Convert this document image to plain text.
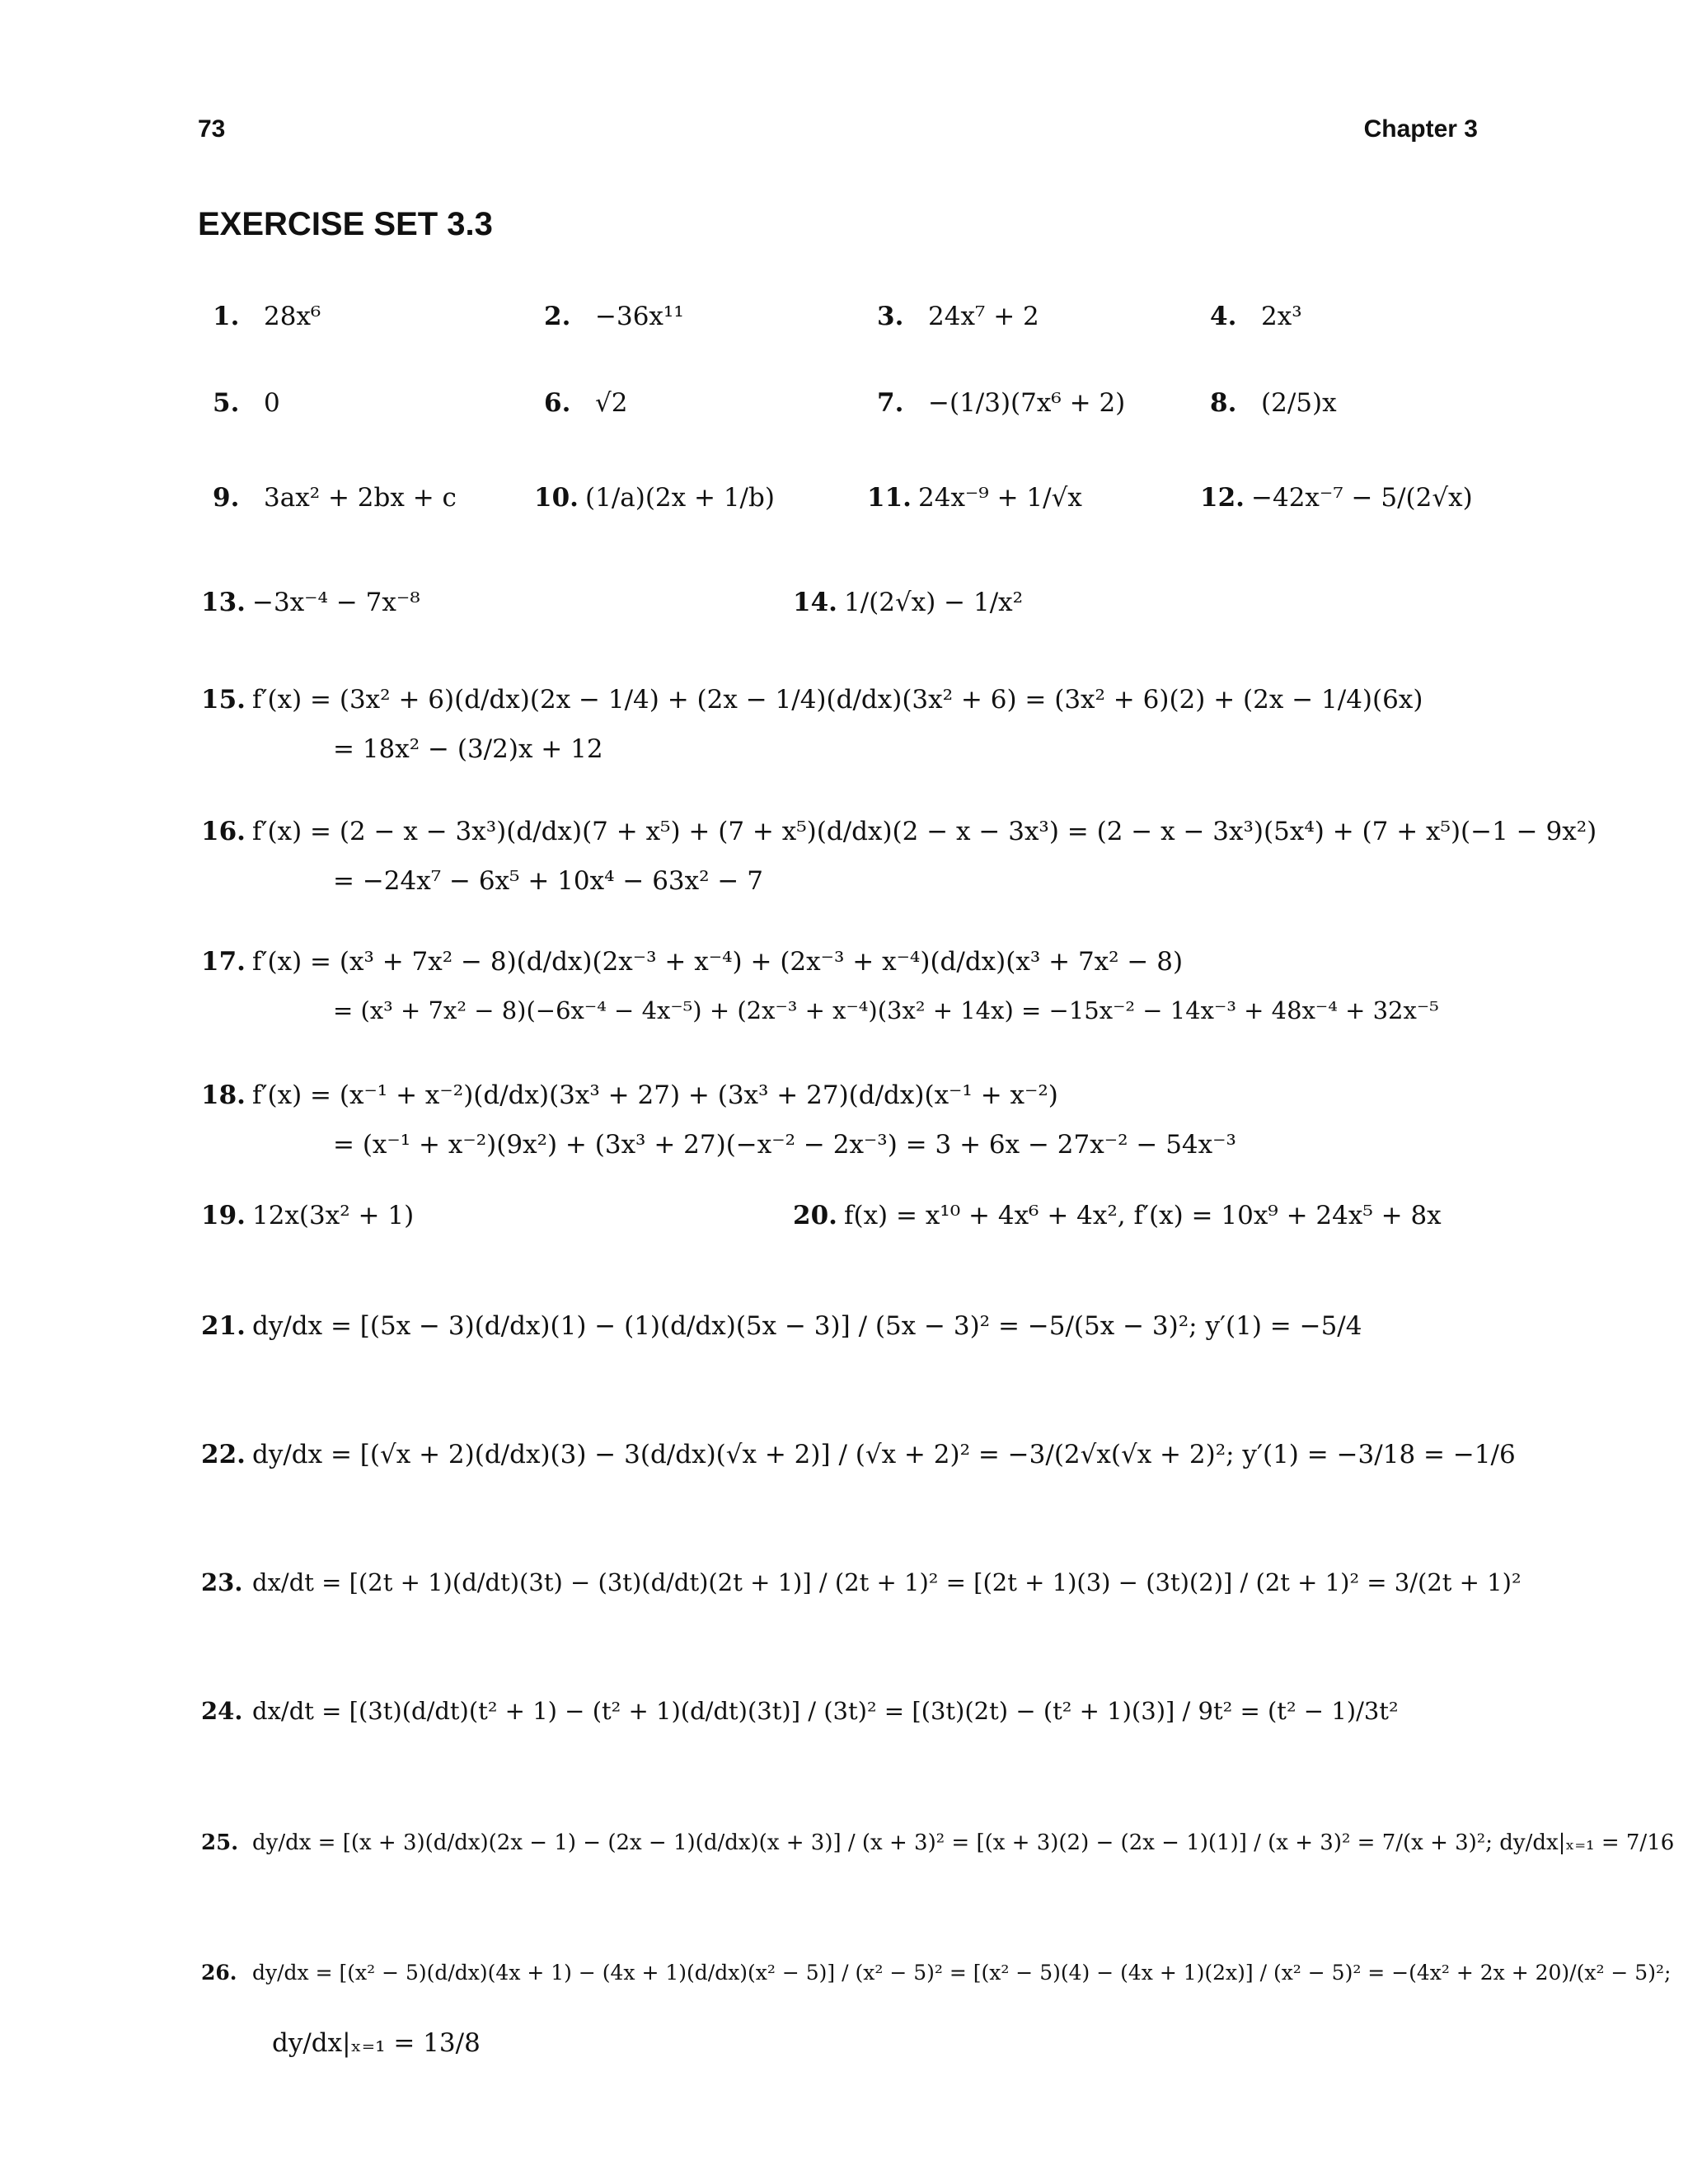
73	Chapter 3
EXERCISE SET 3.3
1. 28x⁶	2. −36x¹¹	3. 24x⁷ + 2	4. 2x³
5. 0	6. √2	7. −(1/3)(7x⁶ + 2)	8. (2/5)x
9. 3ax² + 2bx + c	10. (1/a)(2x + 1/b)	11. 24x⁻⁹ + 1/√x	12. −42x⁻⁷ − 5/(2√x)
13. −3x⁻⁴ − 7x⁻⁸	14. 1/(2√x) − 1/x²
15. f′(x) = (3x² + 6)(d/dx)(2x − 1/4) + (2x − 1/4)(d/dx)(3x² + 6) = (3x² + 6)(2) + (2x − 1/4)(6x)
= 18x² − (3/2)x + 12
16. f′(x) = (2 − x − 3x³)(d/dx)(7 + x⁵) + (7 + x⁵)(d/dx)(2 − x − 3x³) = (2 − x − 3x³)(5x⁴) + (7 + x⁵)(−1 − 9x²)
= −24x⁷ − 6x⁵ + 10x⁴ − 63x² − 7
17. f′(x) = (x³ + 7x² − 8)(d/dx)(2x⁻³ + x⁻⁴) + (2x⁻³ + x⁻⁴)(d/dx)(x³ + 7x² − 8)
= (x³ + 7x² − 8)(−6x⁻⁴ − 4x⁻⁵) + (2x⁻³ + x⁻⁴)(3x² + 14x) = −15x⁻² − 14x⁻³ + 48x⁻⁴ + 32x⁻⁵
18. f′(x) = (x⁻¹ + x⁻²)(d/dx)(3x³ + 27) + (3x³ + 27)(d/dx)(x⁻¹ + x⁻²)
= (x⁻¹ + x⁻²)(9x²) + (3x³ + 27)(−x⁻² − 2x⁻³) = 3 + 6x − 27x⁻² − 54x⁻³
19. 12x(3x² + 1)	20. f(x) = x¹⁰ + 4x⁶ + 4x², f′(x) = 10x⁹ + 24x⁵ + 8x
21. dy/dx = [(5x − 3)(d/dx)(1) − (1)(d/dx)(5x − 3)] / (5x − 3)² = −5/(5x − 3)²; y′(1) = −5/4
22. dy/dx = [(√x + 2)(d/dx)(3) − 3(d/dx)(√x + 2)] / (√x + 2)² = −3/(2√x(√x + 2)²; y′(1) = −3/18 = −1/6
23. dx/dt = [(2t + 1)(d/dt)(3t) − (3t)(d/dt)(2t + 1)] / (2t + 1)² = [(2t + 1)(3) − (3t)(2)] / (2t + 1)² = 3/(2t + 1)²
24. dx/dt = [(3t)(d/dt)(t² + 1) − (t² + 1)(d/dt)(3t)] / (3t)² = [(3t)(2t) − (t² + 1)(3)] / 9t² = (t² − 1)/3t²
25. dy/dx = [(x + 3)(d/dx)(2x − 1) − (2x − 1)(d/dx)(x + 3)] / (x + 3)² = [(x + 3)(2) − (2x − 1)(1)] / (x + 3)² = 7/(x + 3)²; dy/dx|ₓ₌₁ = 7/16
26. dy/dx = [(x² − 5)(d/dx)(4x + 1) − (4x + 1)(d/dx)(x² − 5)] / (x² − 5)² = [(x² − 5)(4) − (4x + 1)(2x)] / (x² − 5)² = −(4x² + 2x + 20)/(x² − 5)²;
dy/dx|ₓ₌₁ = 13/8
